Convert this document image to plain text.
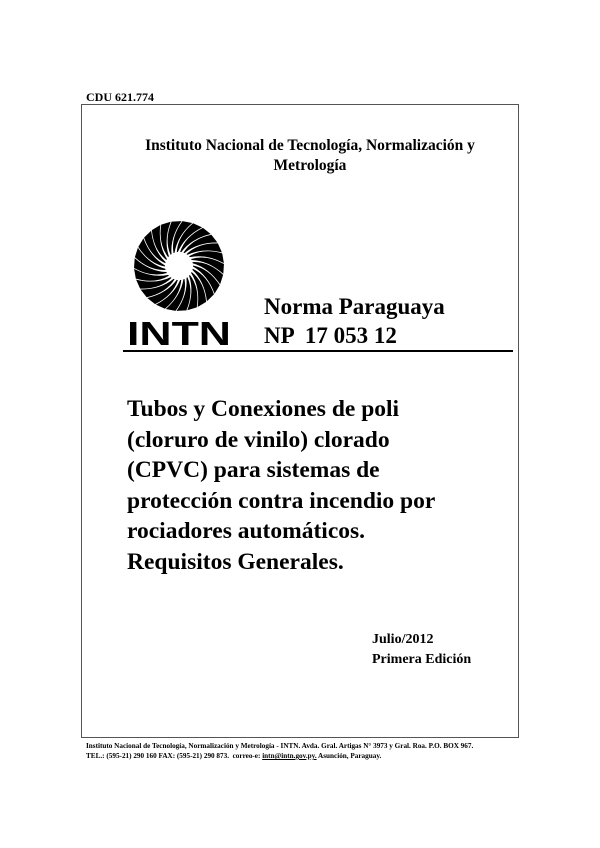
CDU 621.774
Instituto Nacional de Tecnología, Normalización y
Metrología
INTN
Norma Paraguaya
NP  17 053 12
Tubos y Conexiones de poli
(cloruro de vinilo) clorado
(CPVC) para sistemas de
protección contra incendio por
rociadores automáticos.
Requisitos Generales.
Julio/2012
Primera Edición
Instituto Nacional de Tecnología, Normalización y Metrología - INTN. Avda. Gral. Artigas N° 3973 y Gral. Roa. P.O. BOX 967.
TEL.: (595-21) 290 160 FAX: (595-21) 290 873.  correo-e: intn@intn.gov.py. Asunción, Paraguay.
